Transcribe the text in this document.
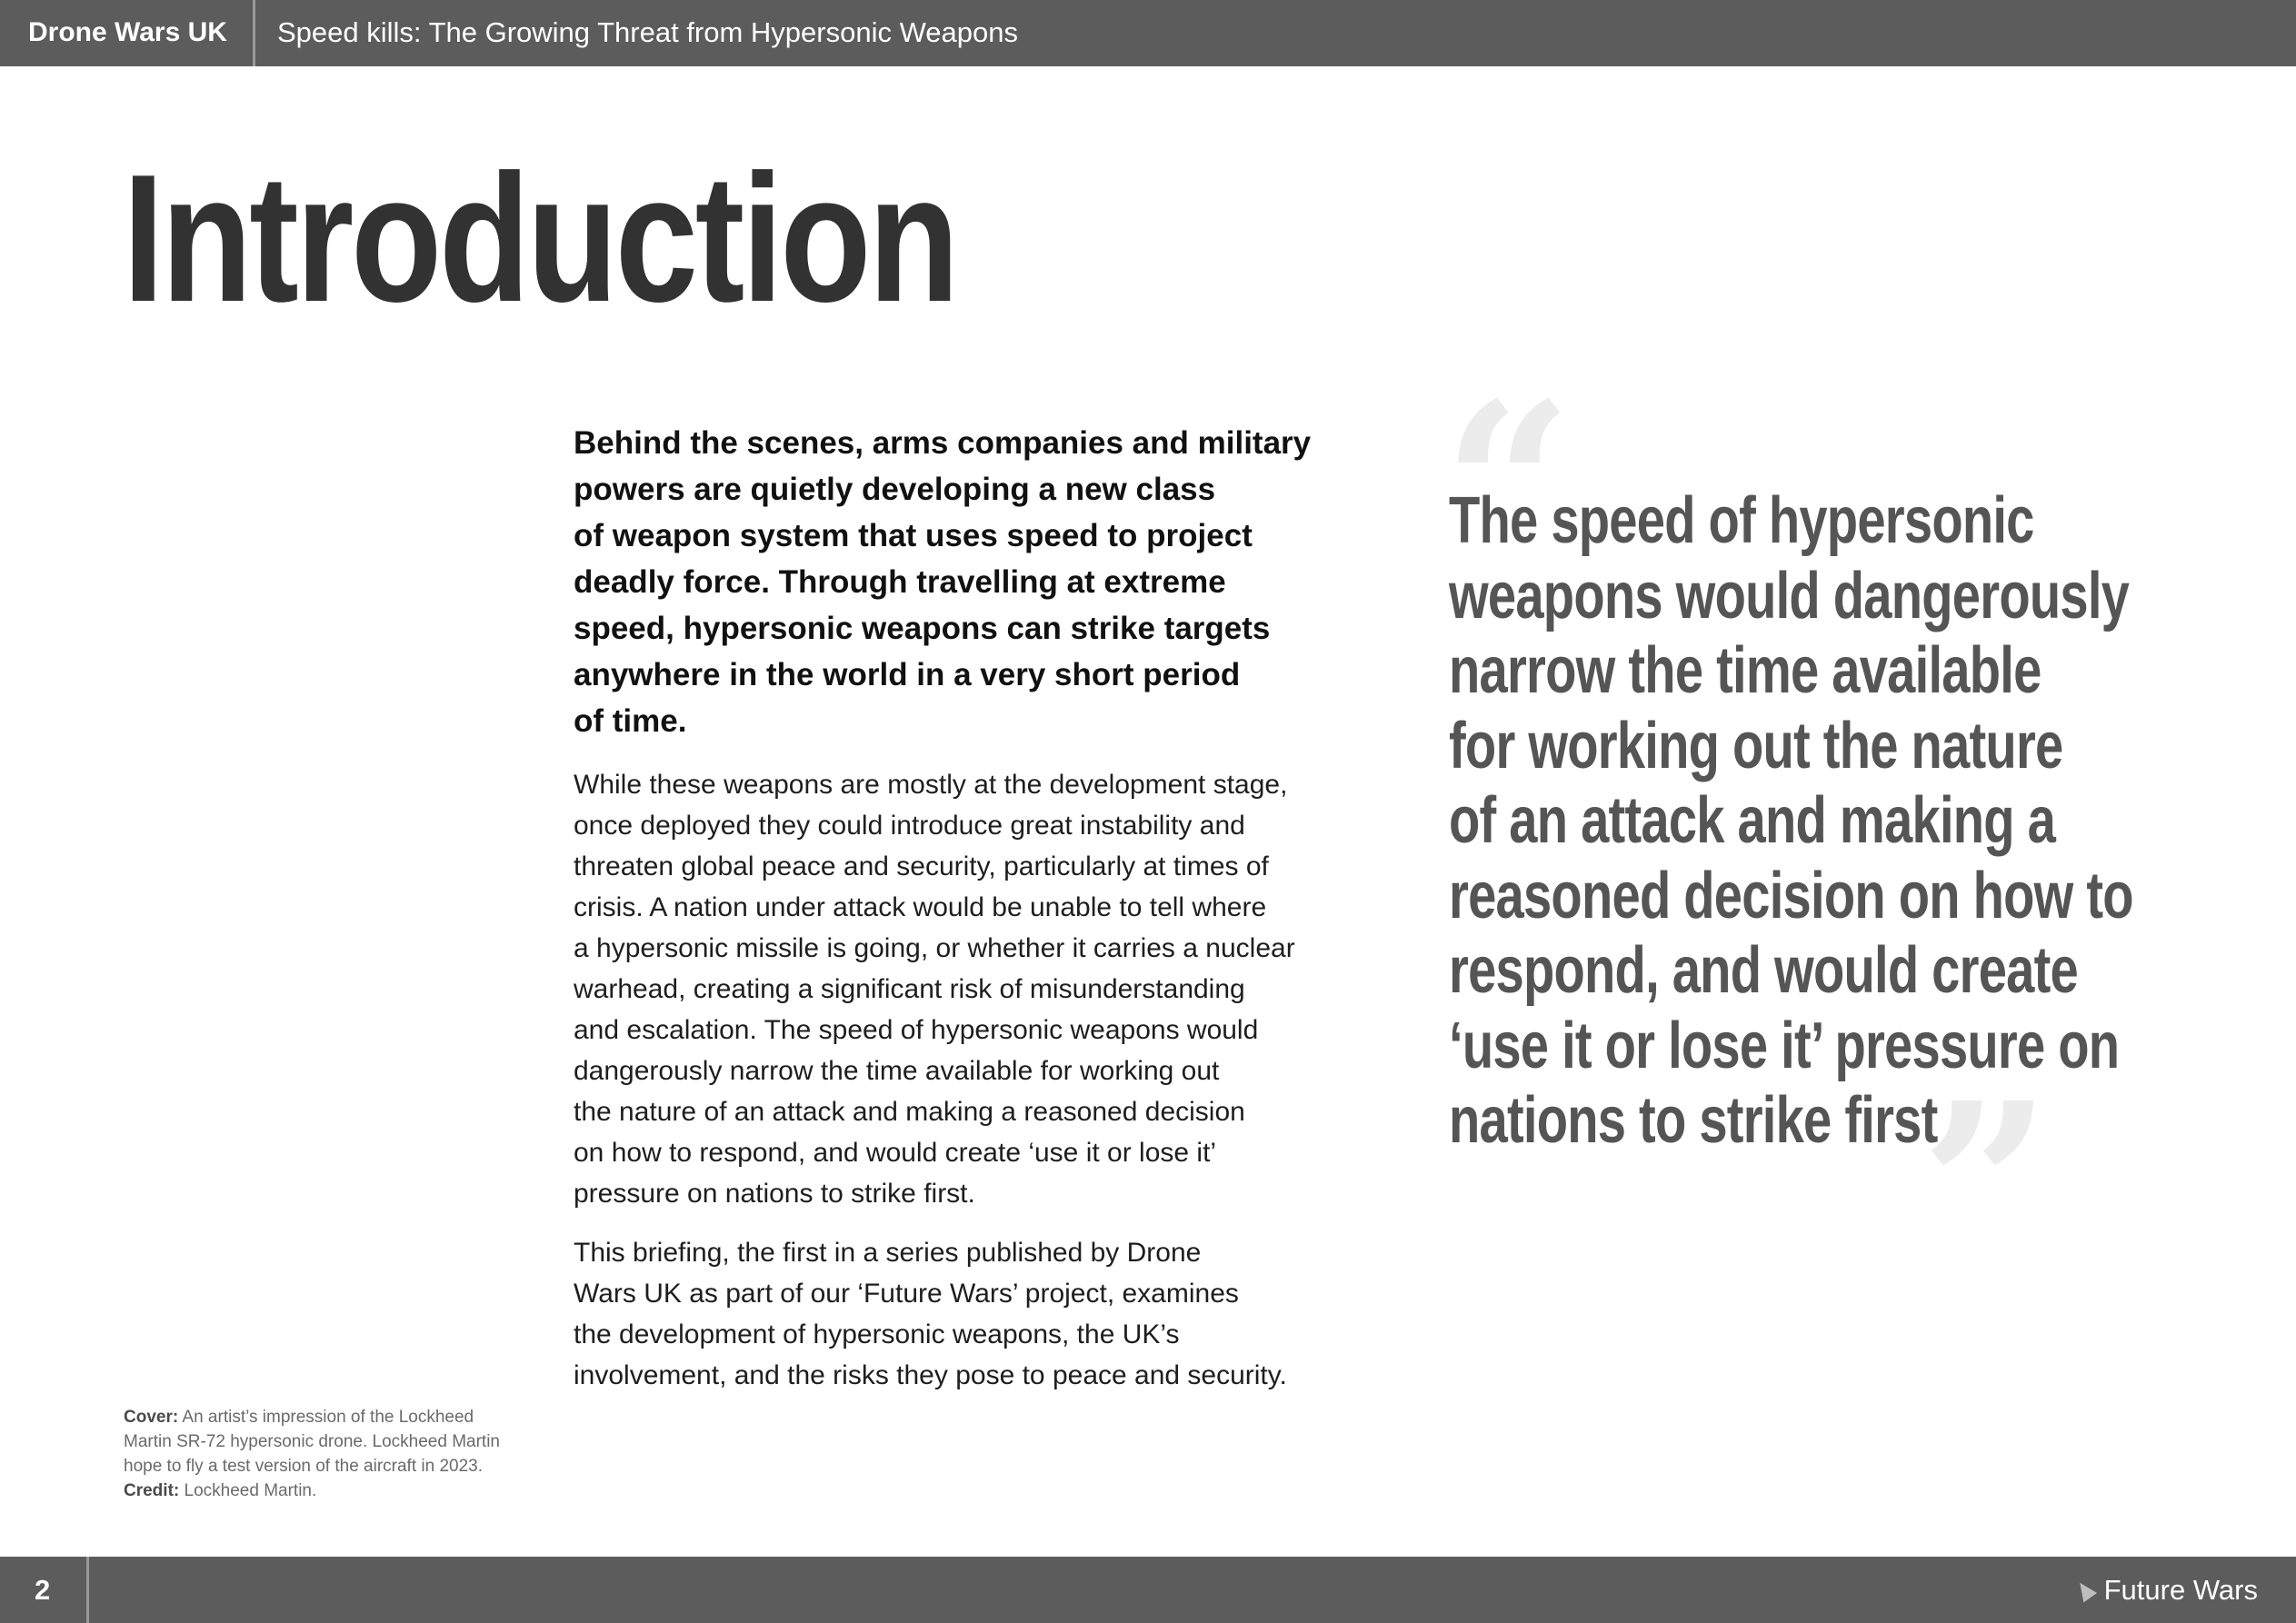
Drone Wars UK Speed kills: The Growing Threat from Hypersonic Weapons
Introduction

Behind the scenes, arms companies and military
powers are quietly developing a new class
of weapon system that uses speed to project
deadly force. Through travelling at extreme
speed, hypersonic weapons can strike targets
anywhere in the world in a very short period
of time.

While these weapons are mostly at the development stage,
once deployed they could introduce great instability and
threaten global peace and security, particularly at times of
crisis. A nation under attack would be unable to tell where
a hypersonic missile is going, or whether it carries a nuclear
warhead, creating a significant risk of misunderstanding
and escalation. The speed of hypersonic weapons would
dangerously narrow the time available for working out
the nature of an attack and making a reasoned decision
on how to respond, and would create ‘use it or lose it’
pressure on nations to strike first.

This briefing, the first in a series published by Drone
Wars UK as part of our ‘Future Wars’ project, examines
the development of hypersonic weapons, the UK’s
involvement, and the risks they pose to peace and security.

Cover: An artist’s impression of the Lockheed Martin SR-72 hypersonic drone. Lockheed Martin hope to fly a test version of the aircraft in 2023. Credit: Lockheed Martin.
“
”
The speed of hypersonic
weapons would dangerously
narrow the time available
for working out the nature
of an attack and making a
reasoned decision on how to
respond, and would create
‘use it or lose it’ pressure on
nations to strike first
2	Future Wars
